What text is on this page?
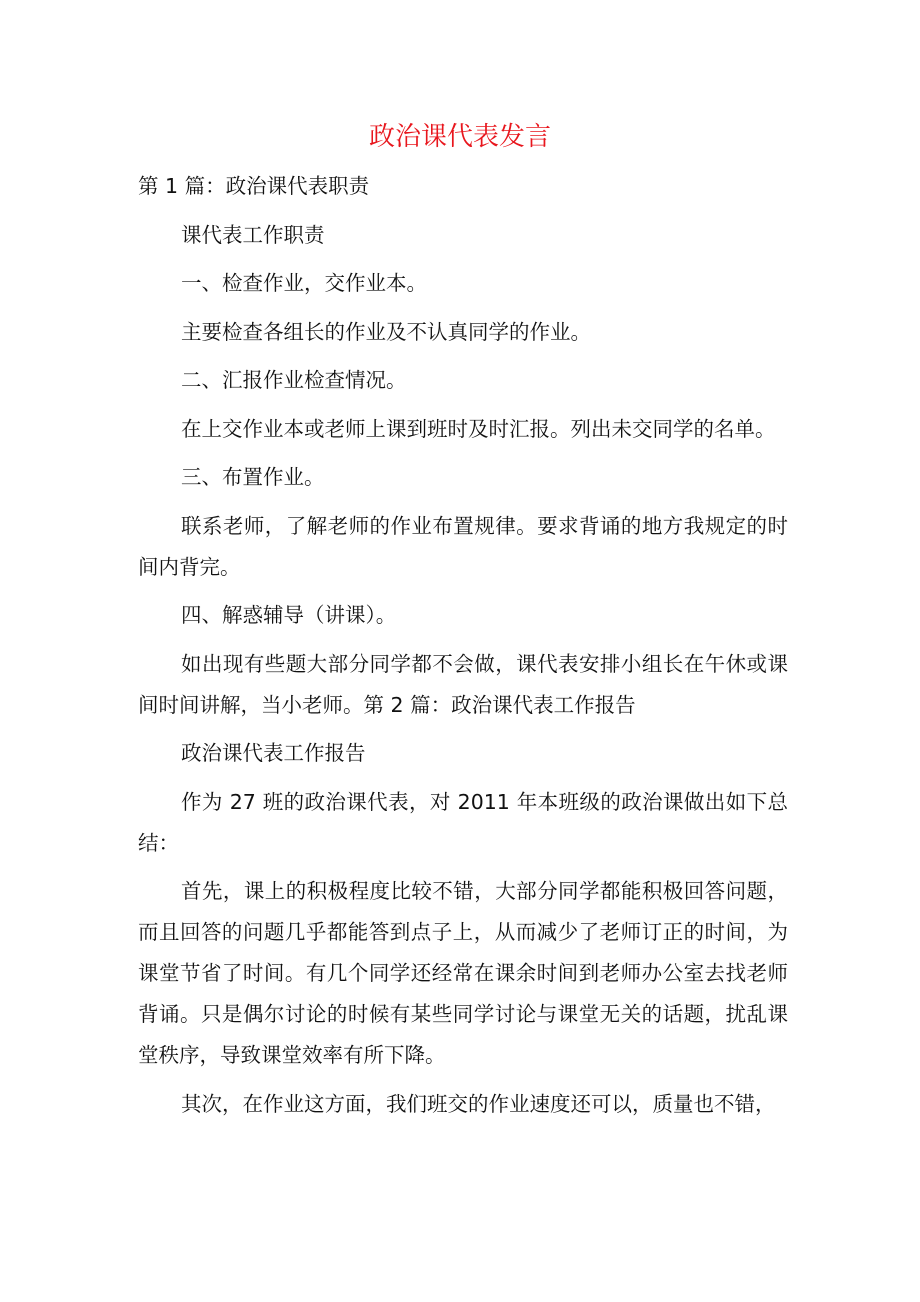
政治课代表发言

第 1 篇：政治课代表职责

课代表工作职责

一、检查作业，交作业本。

主要检查各组长的作业及不认真同学的作业。

二、汇报作业检查情况。

在上交作业本或老师上课到班时及时汇报。列出未交同学的名单。

三、布置作业。

联系老师，了解老师的作业布置规律。要求背诵的地方我规定的时间内背完。

四、解惑辅导（讲课）。

如出现有些题大部分同学都不会做，课代表安排小组长在午休或课间时间讲解，当小老师。第 2 篇：政治课代表工作报告

政治课代表工作报告

作为 27 班的政治课代表，对 2011 年本班级的政治课做出如下总结：

首先，课上的积极程度比较不错，大部分同学都能积极回答问题，而且回答的问题几乎都能答到点子上，从而减少了老师订正的时间，为课堂节省了时间。有几个同学还经常在课余时间到老师办公室去找老师背诵。只是偶尔讨论的时候有某些同学讨论与课堂无关的话题，扰乱课堂秩序，导致课堂效率有所下降。

其次，在作业这方面，我们班交的作业速度还可以，质量也不错，
